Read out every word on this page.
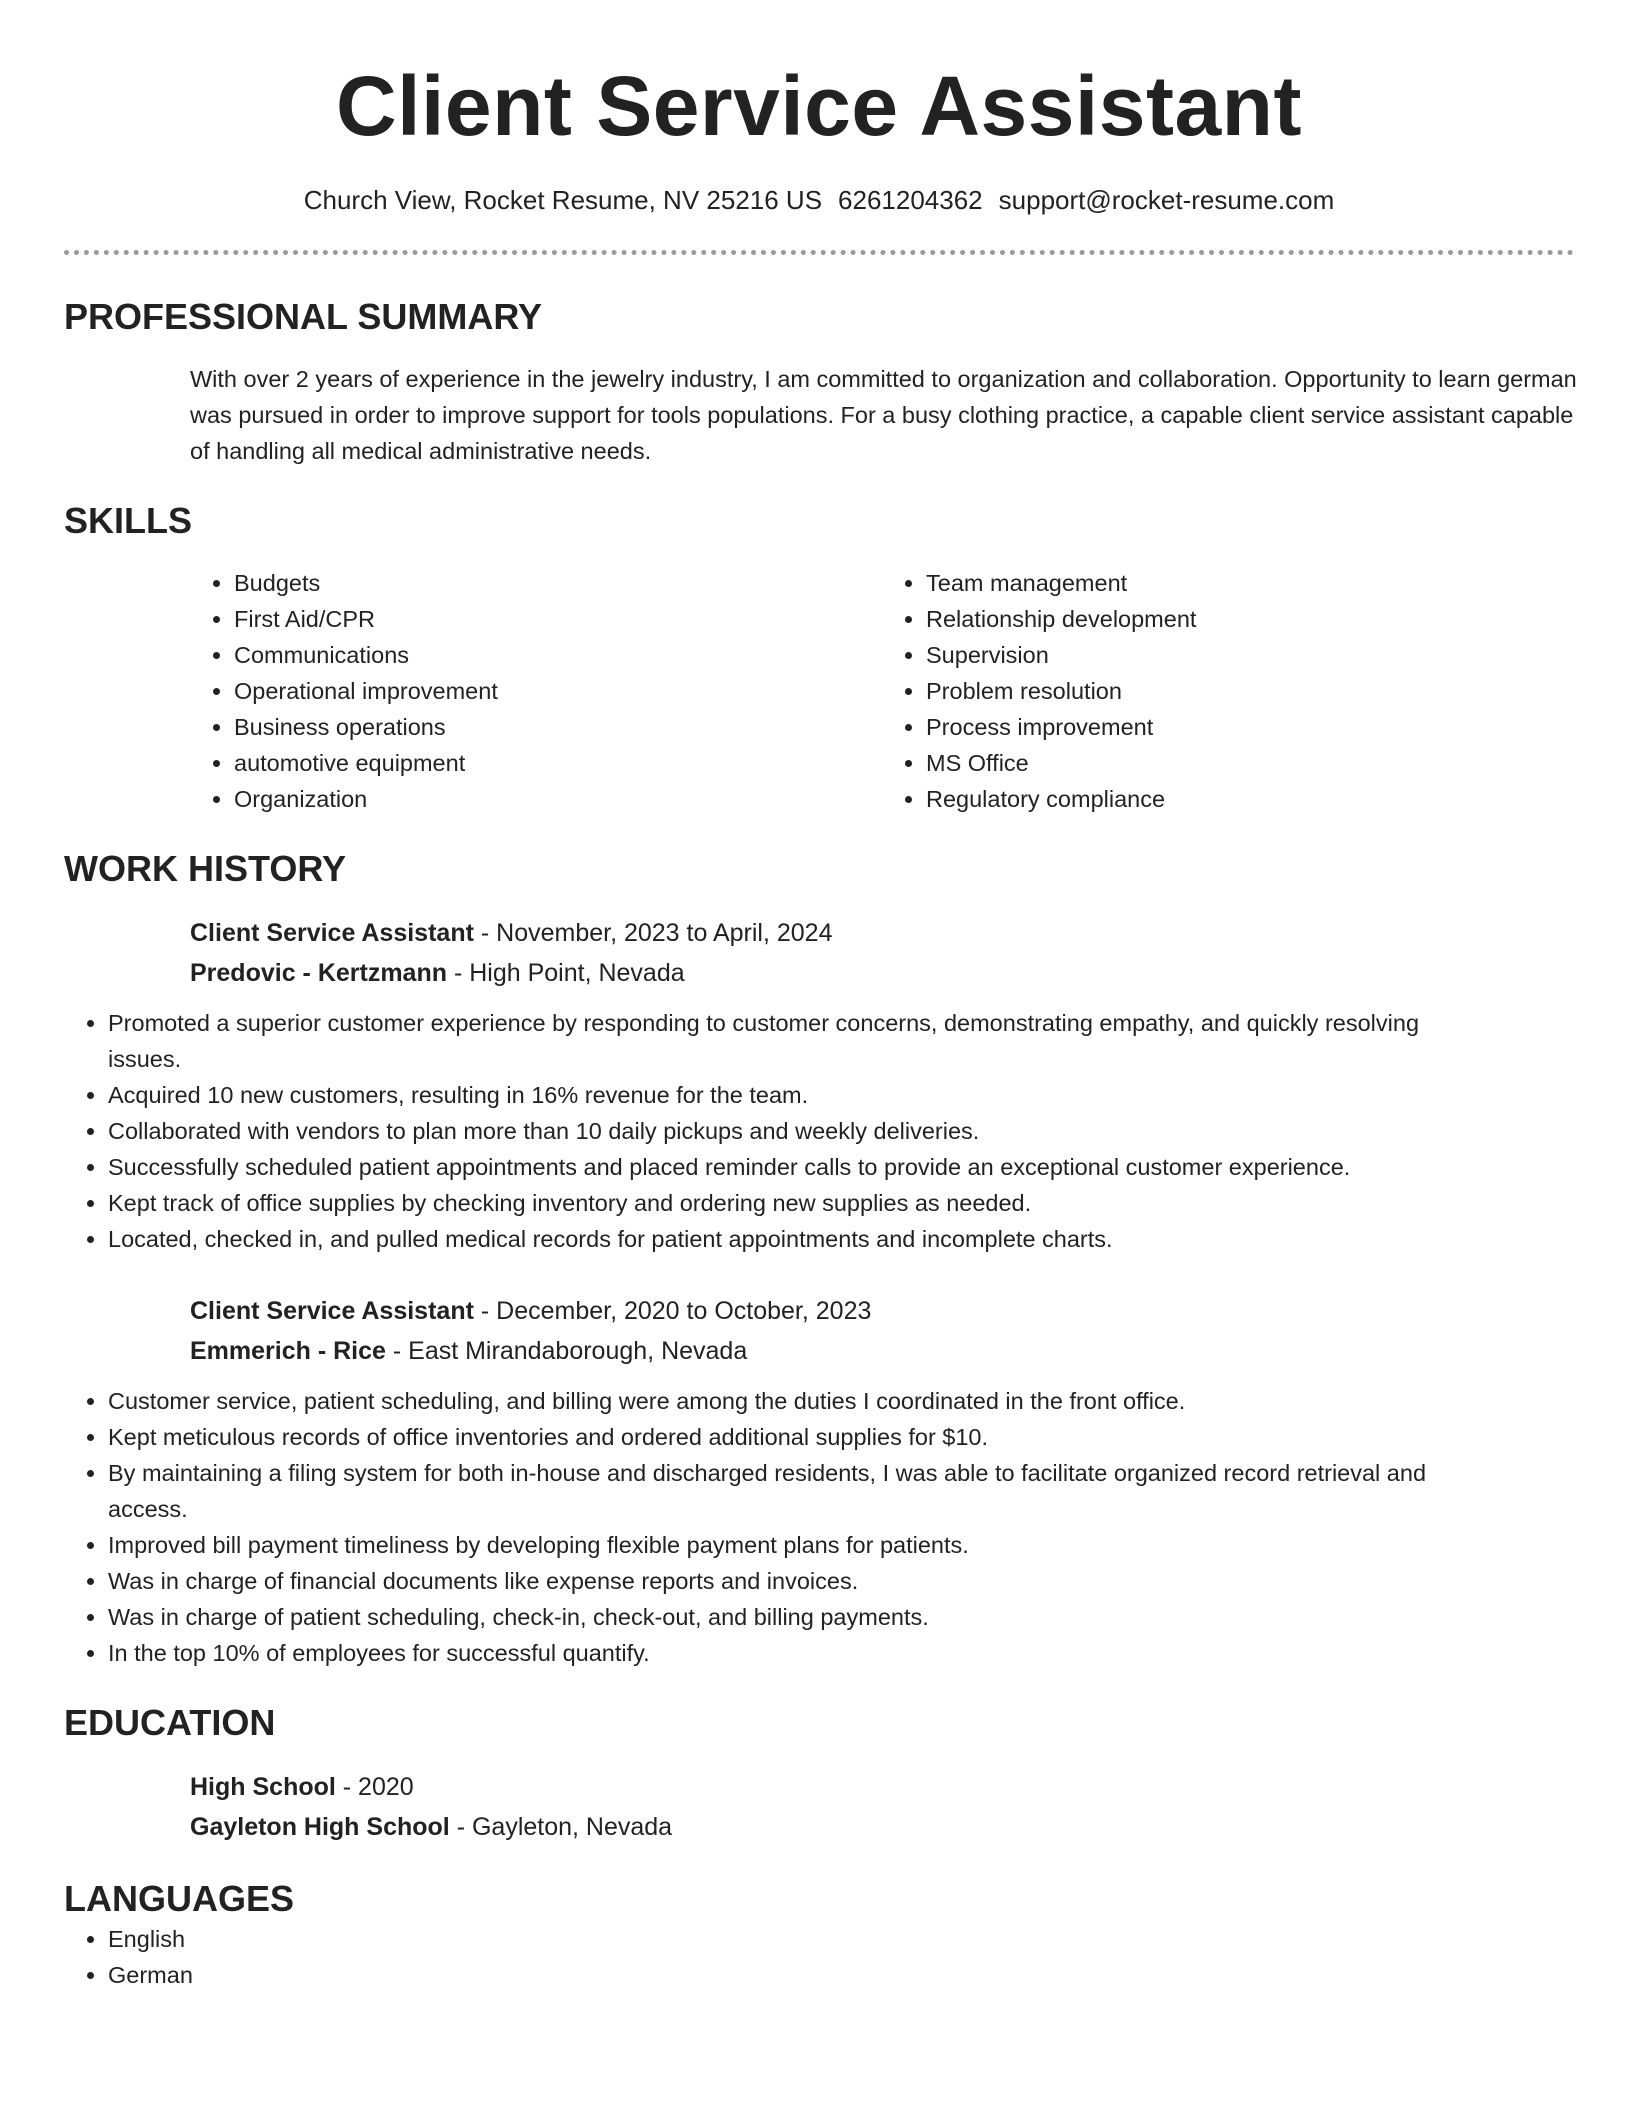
Client Service Assistant
Church View, Rocket Resume, NV 25216 US 6261204362 support@rocket-resume.com
PROFESSIONAL SUMMARY
With over 2 years of experience in the jewelry industry, I am committed to organization and collaboration. Opportunity to learn german was pursued in order to improve support for tools populations. For a busy clothing practice, a capable client service assistant capable of handling all medical administrative needs.
SKILLS
• Budgets
• First Aid/CPR
• Communications
• Operational improvement
• Business operations
• automotive equipment
• Organization
• Team management
• Relationship development
• Supervision
• Problem resolution
• Process improvement
• MS Office
• Regulatory compliance
WORK HISTORY
Client Service Assistant - November, 2023 to April, 2024
Predovic - Kertzmann - High Point, Nevada
• Promoted a superior customer experience by responding to customer concerns, demonstrating empathy, and quickly resolving issues.
• Acquired 10 new customers, resulting in 16% revenue for the team.
• Collaborated with vendors to plan more than 10 daily pickups and weekly deliveries.
• Successfully scheduled patient appointments and placed reminder calls to provide an exceptional customer experience.
• Kept track of office supplies by checking inventory and ordering new supplies as needed.
• Located, checked in, and pulled medical records for patient appointments and incomplete charts.
Client Service Assistant - December, 2020 to October, 2023
Emmerich - Rice - East Mirandaborough, Nevada
• Customer service, patient scheduling, and billing were among the duties I coordinated in the front office.
• Kept meticulous records of office inventories and ordered additional supplies for $10.
• By maintaining a filing system for both in-house and discharged residents, I was able to facilitate organized record retrieval and access.
• Improved bill payment timeliness by developing flexible payment plans for patients.
• Was in charge of financial documents like expense reports and invoices.
• Was in charge of patient scheduling, check-in, check-out, and billing payments.
• In the top 10% of employees for successful quantify.
EDUCATION
High School - 2020
Gayleton High School - Gayleton, Nevada
LANGUAGES
• English
• German
